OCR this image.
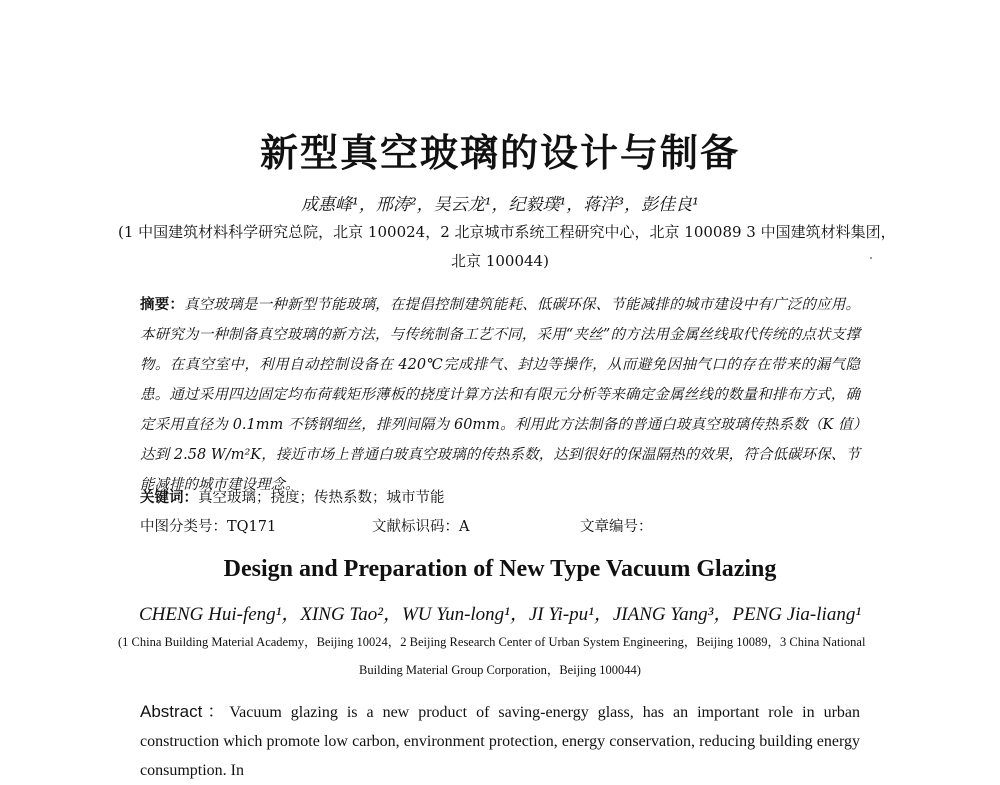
新型真空玻璃的设计与制备
成惠峰¹，邢涛²，吴云龙¹，纪毅璞¹，蒋洋³，彭佳良¹
(1 中国建筑材料科学研究总院，北京 100024，2 北京城市系统工程研究中心，北京 100089 3 中国建筑材料集团，
北京 100044)
摘要：真空玻璃是一种新型节能玻璃，在提倡控制建筑能耗、低碳环保、节能减排的城市建设中有广泛的应用。本研究为一种制备真空玻璃的新方法，与传统制备工艺不同，采用“夹丝”的方法用金属丝线取代传统的点状支撑物。在真空室中，利用自动控制设备在 420℃完成排气、封边等操作，从而避免因抽气口的存在带来的漏气隐患。通过采用四边固定均布荷载矩形薄板的挠度计算方法和有限元分析等来确定金属丝线的数量和排布方式，确定采用直径为 0.1mm 不锈钢细丝，排列间隔为 60mm。利用此方法制备的普通白玻真空玻璃传热系数（K 值）达到 2.58 W/m²K，接近市场上普通白玻真空玻璃的传热系数，达到很好的保温隔热的效果，符合低碳环保、节能减排的城市建设理念。
关键词：真空玻璃；挠度；传热系数；城市节能
中图分类号：TQ171	文献标识码：A	文章编号：
Design and Preparation of New Type Vacuum Glazing
CHENG Hui-feng¹，XING Tao²，WU Yun-long¹，JI Yi-pu¹，JIANG Yang³，PENG Jia-liang¹
(1 China Building Material Academy，Beijing 10024，2 Beijing Research Center of Urban System Engineering，Beijing 10089，3 China National
Building Material Group Corporation，Beijing 100044)
Abstract：Vacuum glazing is a new product of saving-energy glass, has an important role in urban construction which promote low carbon, environment protection, energy conservation, reducing building energy consumption. In
